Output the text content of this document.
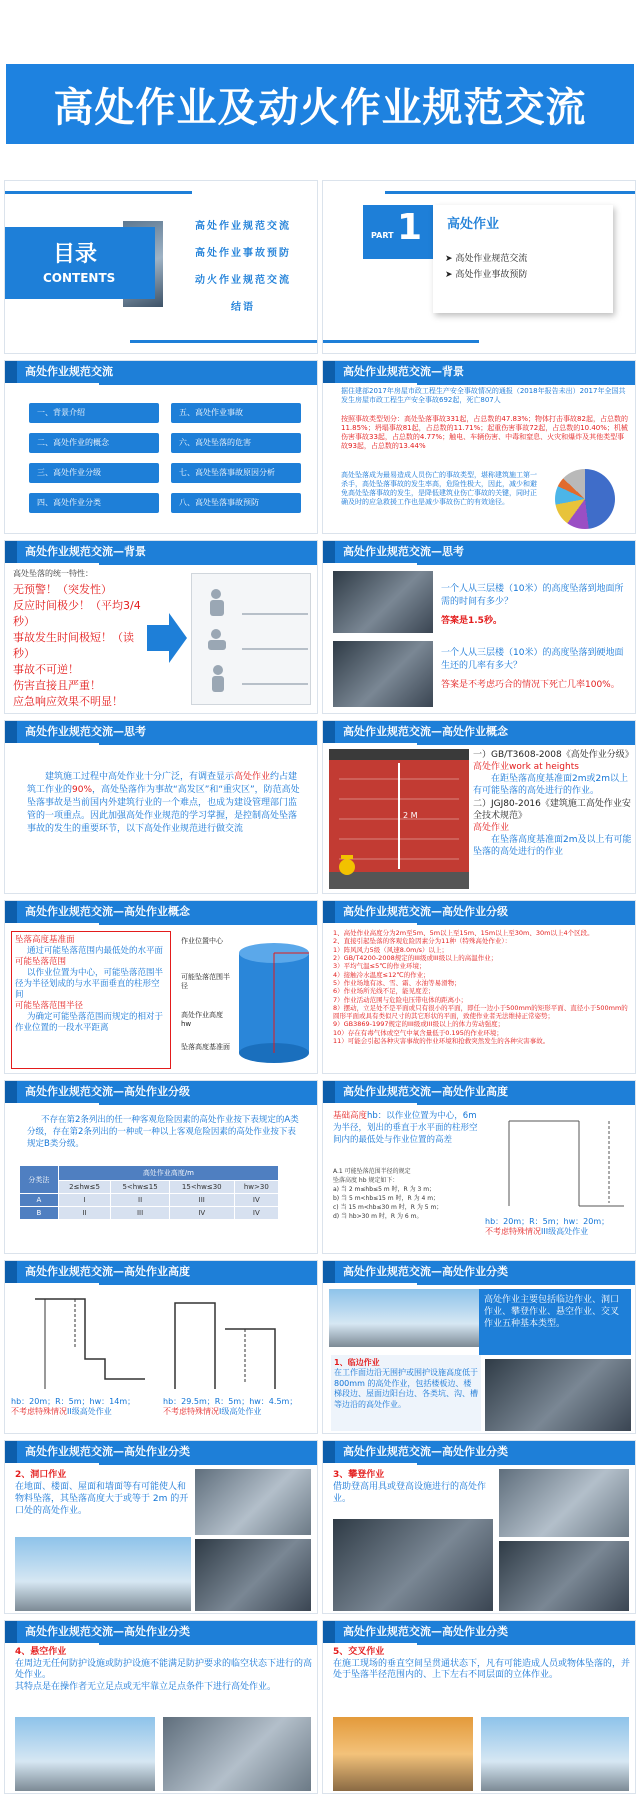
高处作业及动火作业规范交流
目录
CONTENTS
高处作业规范交流
高处作业事故预防
动火作业规范交流
结语
PART 1 高处作业
➤ 高处作业规范交流
➤ 高处作业事故预防
高处作业规范交流
一、背景介绍
二、高处作业的概念
三、高处作业分级
四、高处作业分类
五、高处作业事故
六、高处坠落的危害
七、高处坠落事故原因分析
八、高处坠落事故预防
高处作业规范交流—背景
据住建部2017年房屋市政工程生产安全事故情况的通报（2018年报告未出）2017年全国共发生房屋市政工程生产安全事故692起，死亡807人
按照事故类型划分：高处坠落事故331起，占总数的47.83%；物体打击事故82起，占总数的11.85%；坍塌事故81起，占总数的11.71%；起重伤害事故72起，占总数的10.40%；机械伤害事故33起，占总数的4.77%；触电、车辆伤害、中毒和窒息、火灾和爆炸及其他类型事故93起，占总数的13.44%
高处坠落成为最易造成人员伤亡的事故类型，堪称建筑施工第一杀手，高处坠落事故的发生率高，危险性极大，因此，减少和避免高处坠落事故的发生，是降低建筑业伤亡事故的关键，同时正确及时的应急救援工作也是减少事故伤亡的有效途径。
高处作业规范交流—背景
高处坠落的统一特性：
无预警！（突发性）
反应时间极少！（平均3/4秒）
事故发生时间极短！（读秒）
事故不可逆！
伤害直接且严重！
应急响应效果不明显！
高处作业规范交流—思考
一个人从三层楼（10米）的高度坠落到地面所需的时间有多少？
答案是1.5秒。
一个人从三层楼（10米）的高度坠落到硬地面生还的几率有多大？
答案是不考虑巧合的情况下死亡几率100%。
高处作业规范交流—思考
建筑施工过程中高处作业十分广泛，有调查显示高处作业约占建筑工作业的90%，高处坠落作为事故“高发区”和“重灾区”，防范高处坠落事故是当前国内外建筑行业的一个难点，也成为建设管理部门监管的一项重点。因此加强高处作业规范的学习掌握，是控制高处坠落事故的发生的重要环节，以下高处作业规范进行做交流
高处作业规范交流—高处作业概念
2 M
一）GB/T3608-2008《高处作业分级》
高处作业work at heights
在距坠落高度基准面2m或2m以上有可能坠落的高处进行的作业。
二）JGJ80-2016《建筑施工高处作业安全技术规范》
高处作业
在坠落高度基准面2m及以上有可能坠落的高处进行的作业
高处作业规范交流—高处作业概念
坠落高度基准面
通过可能坠落范围内最低处的水平面
可能坠落范围
以作业位置为中心，可能坠落范围半径为半径划成的与水平面垂直的柱形空间
可能坠落范围半径
为确定可能坠落范围而规定的相对于作业位置的一段水平距离
作业位置中心
可能坠落范围半径
高处作业高度hw
坠落高度基准面
高处作业规范交流—高处作业分级
1、高处作业高度分为2m至5m、5m以上至15m、15m以上至30m、30m以上4个区段。
2、直接引起坠落的客观危险因素分为11种（特殊高处作业）：
1）阵风风力5级（风速8.0m/s）以上；
2）GB/T4200-2008规定的III级或III级以上的高温作业；
3）平均气温≤5℃的作业环境；
4）接触冷水温度≤12℃的作业；
5）作业场地有冰、雪、霜、水油等易滑物；
6）作业场所光线不足，能见度差；
7）作业活动范围与危险电压带电体的距离小；
8）摆动，立足处不是平面或只有很小的平面，即任一边小于500mm的矩形平面、直径小于500mm的圆形平面或具有类似尺寸的其它形状的平面，致使作业者无法维持正常姿势；
9）GB3869-1997规定的III级或III级以上的体力劳动强度；
10）存在有毒气体或空气中氧含量低于0.195的作业环境；
11）可能会引起各种灾害事故的作业环境和抢救突然发生的各种灾害事故。
高处作业规范交流—高处作业分级
不存在第2条列出的任一种客观危险因素的高处作业按下表规定的A类分级，存在第2条列出的一种或一种以上客观危险因素的高处作业按下表规定B类分级。
分类法	高处作业高度/m			
	2≤hw≤5	5<hw≤15	15<hw≤30	hw>30
A	I	II	III	IV
B	II	III	IV	IV
高处作业规范交流—高处作业高度
基础高度hb：以作业位置为中心，6m为半径，划出的垂直于水平面的柱形空间内的最低处与作业位置的高差
A.1 可能坠落范围半径的规定
坠落高度 hb 规定如下：
a) 当 2 m≤hb≤5 m 时，R 为 3 m；
b) 当 5 m<hb≤15 m 时，R 为 4 m；
c) 当 15 m<hb≤30 m 时，R 为 5 m；
d) 当 hb>30 m 时，R 为 6 m。
hb：20m；R：5m；hw：20m；
不考虑特殊情况III级高处作业
高处作业规范交流—高处作业高度
hb：20m；R：5m；hw：14m；
不考虑特殊情况II级高处作业
hb：29.5m；R：5m；hw：4.5m；
不考虑特殊情况I级高处作业
高处作业规范交流—高处作业分类
高处作业主要包括临边作业、洞口作业、攀登作业、悬空作业、交叉作业五种基本类型。
1、临边作业
在工作面边沿无围护或围护设施高度低于 800mm 的高处作业，包括楼板边、楼梯段边、屋面边阳台边、各类坑、沟、槽等边沿的高处作业。
高处作业规范交流—高处作业分类
2、洞口作业
在地面、楼面、屋面和墙面等有可能使人和物料坠落，其坠落高度大于或等于 2m 的开口处的高处作业。
高处作业规范交流—高处作业分类
3、攀登作业
借助登高用具或登高设施进行的高处作业。
高处作业规范交流—高处作业分类
4、悬空作业
在周边无任何防护设施或防护设施不能满足防护要求的临空状态下进行的高处作业。
其特点是在操作者无立足点或无牢靠立足点条件下进行高处作业。
高处作业规范交流—高处作业分类
5、交叉作业
在施工现场的垂直空间呈贯通状态下，凡有可能造成人员或物体坠落的，并处于坠落半径范围内的、上下左右不同层面的立体作业。
